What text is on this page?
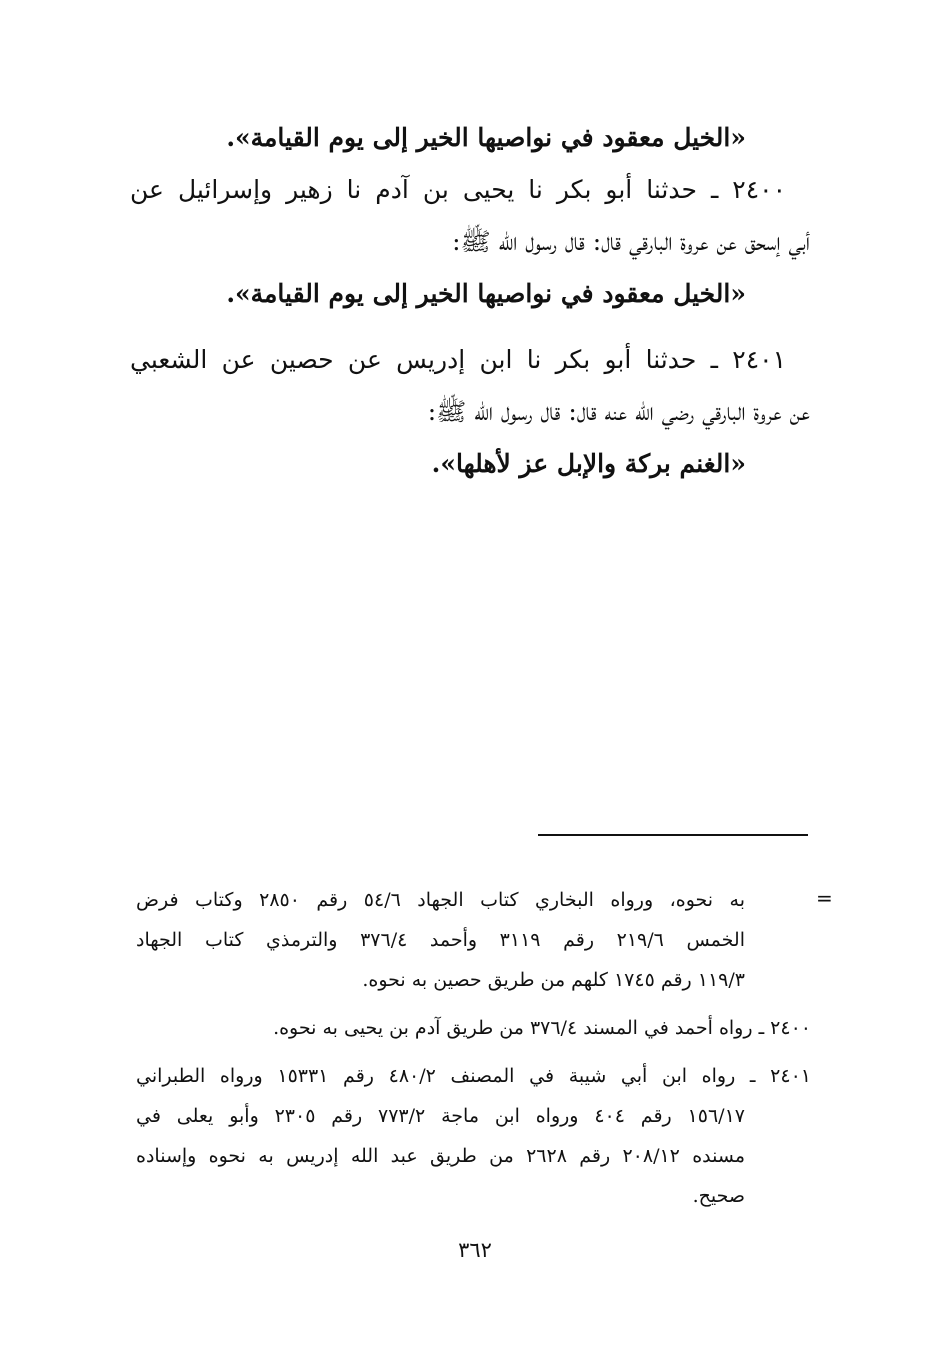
«الخيل معقود في نواصيها الخير إلى يوم القيامة».
٢٤٠٠ ـ حدثنا أبو بكر نا يحيى بن آدم نا زهير وإسرائيل عن
أبي إسحق عن عروة البارقي قال: قال رسول الله ﷺ:
«الخيل معقود في نواصيها الخير إلى يوم القيامة».
٢٤٠١ ـ حدثنا أبو بكر نا ابن إدريس عن حصين عن الشعبي
عن عروة البارقي رضي الله عنه قال: قال رسول الله ﷺ:
«الغنم بركة والإبل عز لأهلها».
=
به نحوه، ورواه البخاري كتاب الجهاد ٥٤/٦ رقم ٢٨٥٠ وكتاب فرض
الخمس ٢١٩/٦ رقم ٣١١٩ وأحمد ٣٧٦/٤ والترمذي كتاب الجهاد
١١٩/٣ رقم ١٧٤٥ كلهم من طريق حصين به نحوه.
٢٤٠٠ ـ رواه أحمد في المسند ٣٧٦/٤ من طريق آدم بن يحيى به نحوه.
٢٤٠١ ـ رواه ابن أبي شيبة في المصنف ٤٨٠/٢ رقم ١٥٣٣١ ورواه الطبراني
١٥٦/١٧ رقم ٤٠٤ ورواه ابن ماجة ٧٧٣/٢ رقم ٢٣٠٥ وأبو يعلى في
مسنده ٢٠٨/١٢ رقم ٢٦٢٨ من طريق عبد الله إدريس به نحوه وإسناده
صحيح.
٣٦٢
